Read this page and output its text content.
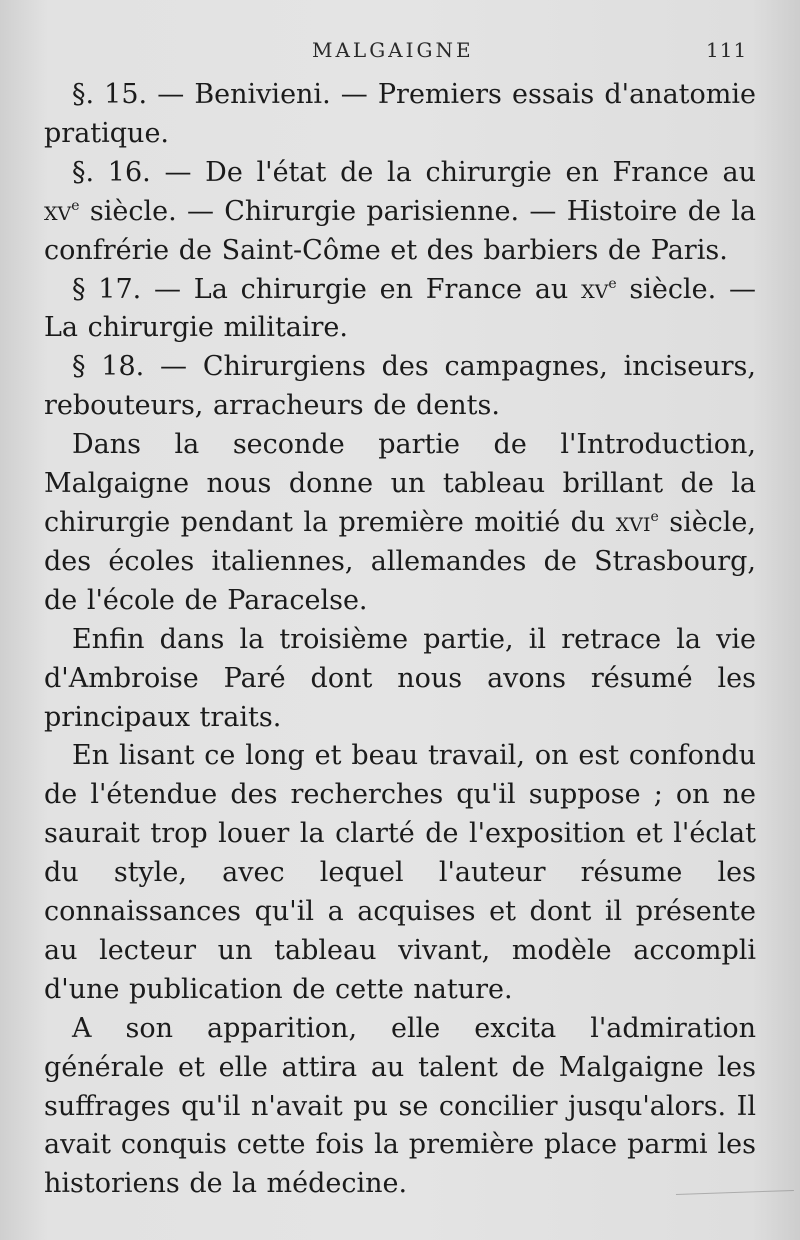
MALGAIGNE	111

§. 15. — Benivieni. — Premiers essais d'anatomie pratique.

§. 16. — De l'état de la chirurgie en France au $xv^e$ siècle. — Chirurgie parisienne. — Histoire de la confrérie de Saint-Côme et des barbiers de Paris.

§ 17. — La chirurgie en France au $xv^e$ siècle. — La chirurgie militaire.

§ 18. — Chirurgiens des campagnes, inciseurs, rebouteurs, arracheurs de dents.

Dans la seconde partie de l'Introduction, Malgaigne nous donne un tableau brillant de la chirurgie pendant la première moitié du xvi$^e$ siècle, des écoles italiennes, allemandes de Strasbourg, de l'école de Paracelse.

Enfin dans la troisième partie, il retrace la vie d'Ambroise Paré dont nous avons résumé les principaux traits.

En lisant ce long et beau travail, on est confondu de l'étendue des recherches qu'il suppose ; on ne saurait trop louer la clarté de l'exposition et l'éclat du style, avec lequel l'auteur résume les connaissances qu'il a acquises et dont il présente au lecteur un tableau vivant, modèle accompli d'une publication de cette nature.

A son apparition, elle excita l'admiration générale et elle attira au talent de Malgaigne les suffrages qu'il n'avait pu se concilier jusqu'alors. Il avait conquis cette fois la première place parmi les historiens de la médecine.
